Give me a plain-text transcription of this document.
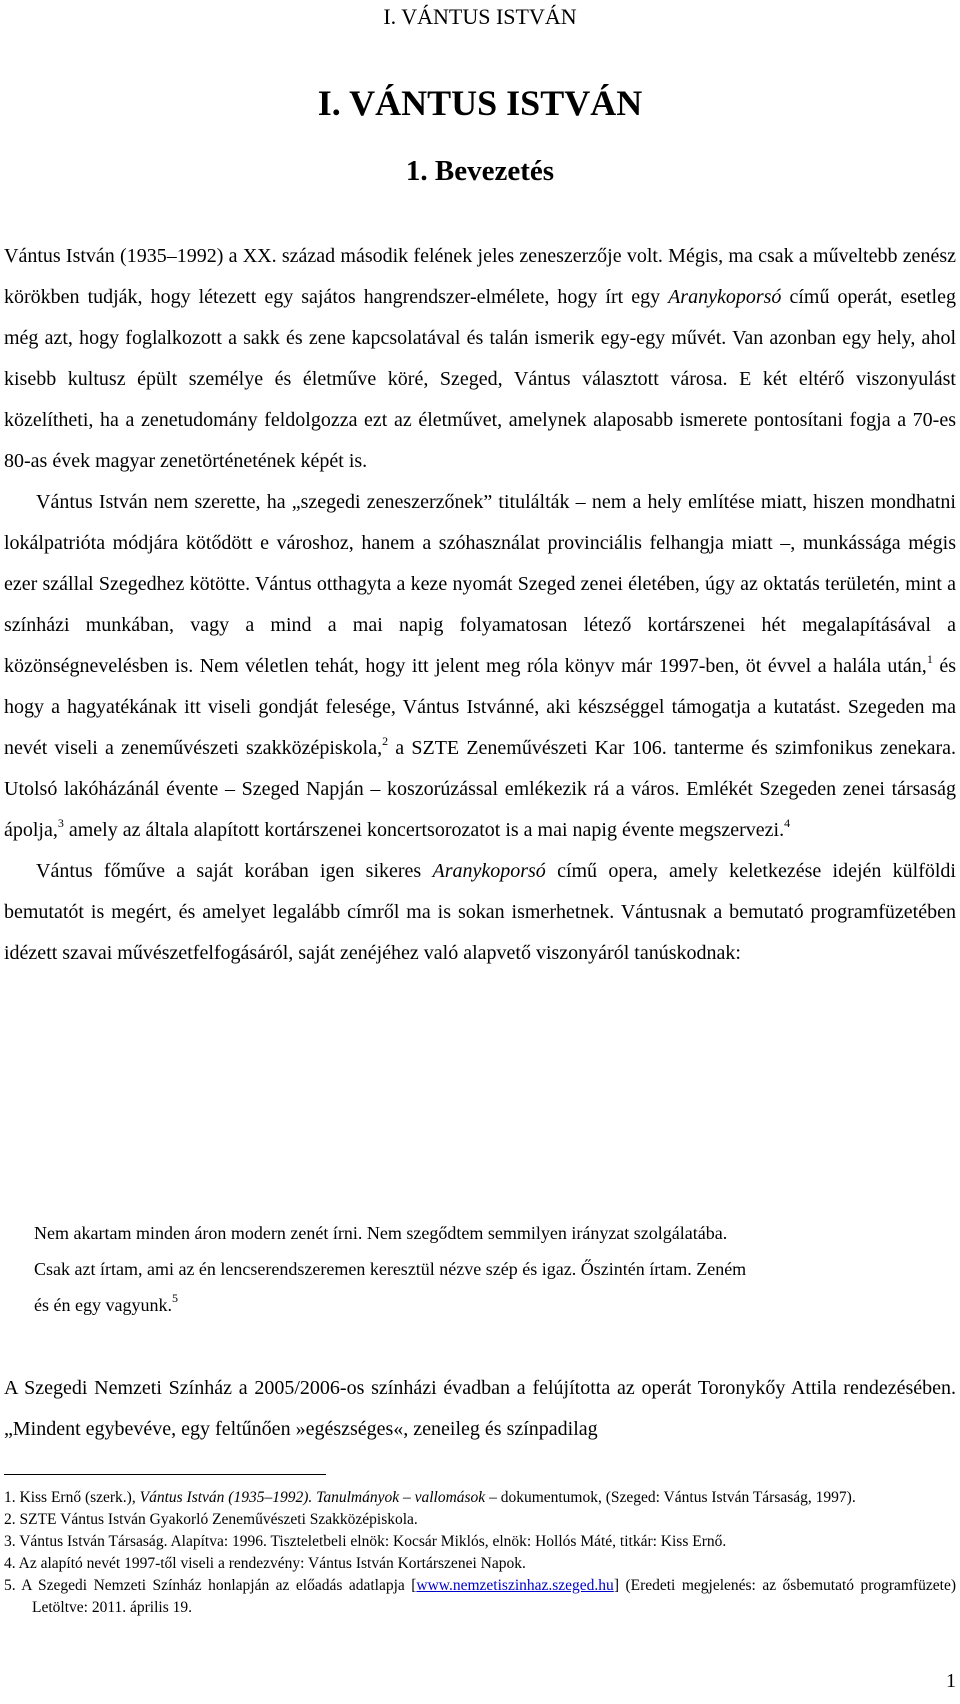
I. VÁNTUS ISTVÁN
I. VÁNTUS ISTVÁN
1. Bevezetés

Vántus István (1935–1992) a XX. század második felének jeles zeneszerzője volt. Mégis, ma csak a műveltebb zenész körökben tudják, hogy létezett egy sajátos hangrendszer-elmélete, hogy írt egy Aranykoporsó című operát, esetleg még azt, hogy foglalkozott a sakk és zene kapcsolatával és talán ismerik egy-egy művét. Van azonban egy hely, ahol kisebb kultusz épült személye és életműve köré, Szeged, Vántus választott városa. E két eltérő viszonyulást közelítheti, ha a zenetudomány feldolgozza ezt az életművet, amelynek alaposabb ismerete pontosítani fogja a 70-es 80-as évek magyar zenetörténetének képét is.

Vántus István nem szerette, ha „szegedi zeneszerzőnek” titulálták – nem a hely említése miatt, hiszen mondhatni lokálpatrióta módjára kötődött e városhoz, hanem a szóhasználat provinciális felhangja miatt –, munkássága mégis ezer szállal Szegedhez kötötte. Vántus otthagyta a keze nyomát Szeged zenei életében, úgy az oktatás területén, mint a színházi munkában, vagy a mind a mai napig folyamatosan létező kortárszenei hét megalapításával a közönségnevelésben is. Nem véletlen tehát, hogy itt jelent meg róla könyv már 1997-ben, öt évvel a halála után,$^1$ és hogy a hagyatékának itt viseli gondját felesége, Vántus Istvánné, aki készséggel támogatja a kutatást. Szegeden ma nevét viseli a zeneművészeti szakközépiskola,$^2$ a SZTE Zeneművészeti Kar 106. tanterme és szimfonikus zenekara. Utolsó lakóházánál évente – Szeged Napján – koszorúzással emlékezik rá a város. Emlékét Szegeden zenei társaság ápolja,$^3$ amely az általa alapított kortárszenei koncertsorozatot is a mai napig évente megszervezi.$^4$

Vántus főműve a saját korában igen sikeres Aranykoporsó című opera, amely keletkezése idején külföldi bemutatót is megért, és amelyet legalább címről ma is sokan ismerhetnek. Vántusnak a bemutató programfüzetében idézett szavai művészetfelfogásáról, saját zenéjéhez való alapvető viszonyáról tanúskodnak:

Nem akartam minden áron modern zenét írni. Nem szegődtem semmilyen irányzat szolgálatába.

Csak azt írtam, ami az én lencserendszeremen keresztül nézve szép és igaz. Őszintén írtam. Zeném

és én egy vagyunk.$^5$

A Szegedi Nemzeti Színház a 2005/2006-os színházi évadban a felújította az operát Toronykőy Attila rendezésében. „Mindent egybevéve, egy feltűnően »egészséges«, zeneileg és színpadilag

1. Kiss Ernő (szerk.), Vántus István (1935–1992). Tanulmányok – vallomások – dokumentumok, (Szeged: Vántus István Társaság, 1997).

2. SZTE Vántus István Gyakorló Zeneművészeti Szakközépiskola.

3. Vántus István Társaság. Alapítva: 1996. Tiszteletbeli elnök: Kocsár Miklós, elnök: Hollós Máté, titkár: Kiss Ernő.

4. Az alapító nevét 1997-től viseli a rendezvény: Vántus István Kortárszenei Napok.

5. A Szegedi Nemzeti Színház honlapján az előadás adatlapja [www.nemzetiszinhaz.szeged.hu] (Eredeti megjelenés: az ősbemutató programfüzete) Letöltve: 2011. április 19.

1
